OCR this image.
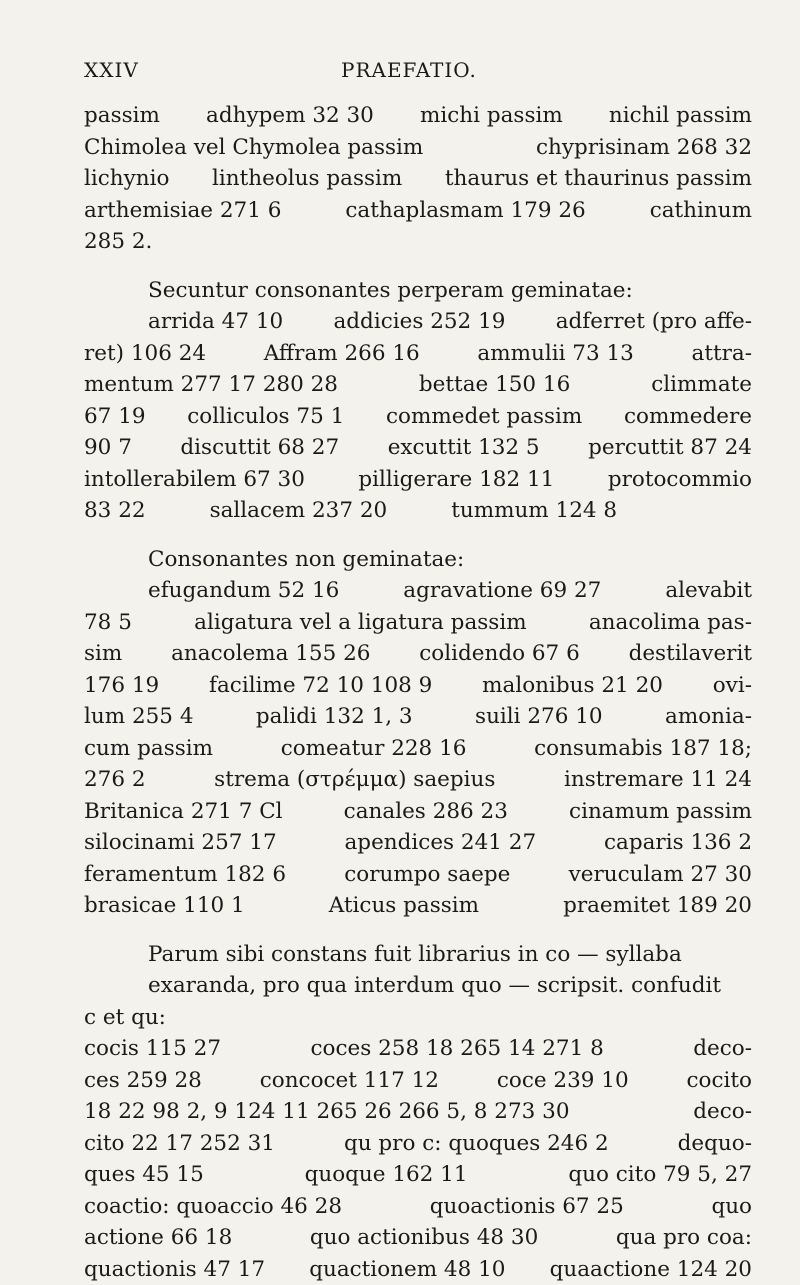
XXIV	PRAEFATIO.
passim adhypem 32 30 michi passim nichil passim
Chimolea vel Chymolea passim	chyprisinam 268 32
lichynio lintheolus passim thaurus et thaurinus passim
arthemisiae 271 6	cathaplasmam 179 26	cathinum
285 2.
Secuntur consonantes perperam geminatae:
arrida 47 10 addicies 252 19 adferret (pro affe-
ret) 106 24	Affram 266 16	ammulii 73 13	attra-
mentum 277 17 280 28	bettae 150 16	climmate
67 19 colliculos 75 1 commedet passim commedere
90 7 discuttit 68 27 excuttit 132 5 percuttit 87 24
intollerabilem 67 30 pilligerare 182 11 protocommio
83 22	sallacem 237 20	tummum 124 8
Consonantes non geminatae:
efugandum 52 16	agravatione 69 27	alevabit
78 5	aligatura vel a ligatura passim	anacolima pas-
sim anacolema 155 26 colidendo 67 6 destilaverit
176 19 facilime 72 10 108 9 malonibus 21 20 ovi-
lum 255 4	palidi 132 1, 3	suili 276 10	amonia-
cum passim	comeatur 228 16	consumabis 187 18;
276 2	strema (στρέμμα) saepius	instremare 11 24
Britanica 271 7 Cl	canales 286 23	cinamum passim
silocinami 257 17	apendices 241 27	caparis 136 2
feramentum 182 6	corumpo saepe	veruculam 27 30
brasicae 110 1	Aticus passim	praemitet 189 20
Parum sibi constans fuit librarius in co — syllaba
exaranda, pro qua interdum quo — scripsit. confudit
c et qu:
cocis 115 27	coces 258 18 265 14 271 8	deco-
ces 259 28	concocet 117 12	coce 239 10	cocito
18 22 98 2, 9 124 11 265 26 266 5, 8 273 30	deco-
cito 22 17 252 31	qu pro c: quoques 246 2	dequo-
ques 45 15	quoque 162 11	quo cito 79 5, 27
coactio: quoaccio 46 28	quoactionis 67 25	quo
actione 66 18	quo actionibus 48 30	qua pro coa:
quactionis 47 17 quactionem 48 10 quaactione 124 20
